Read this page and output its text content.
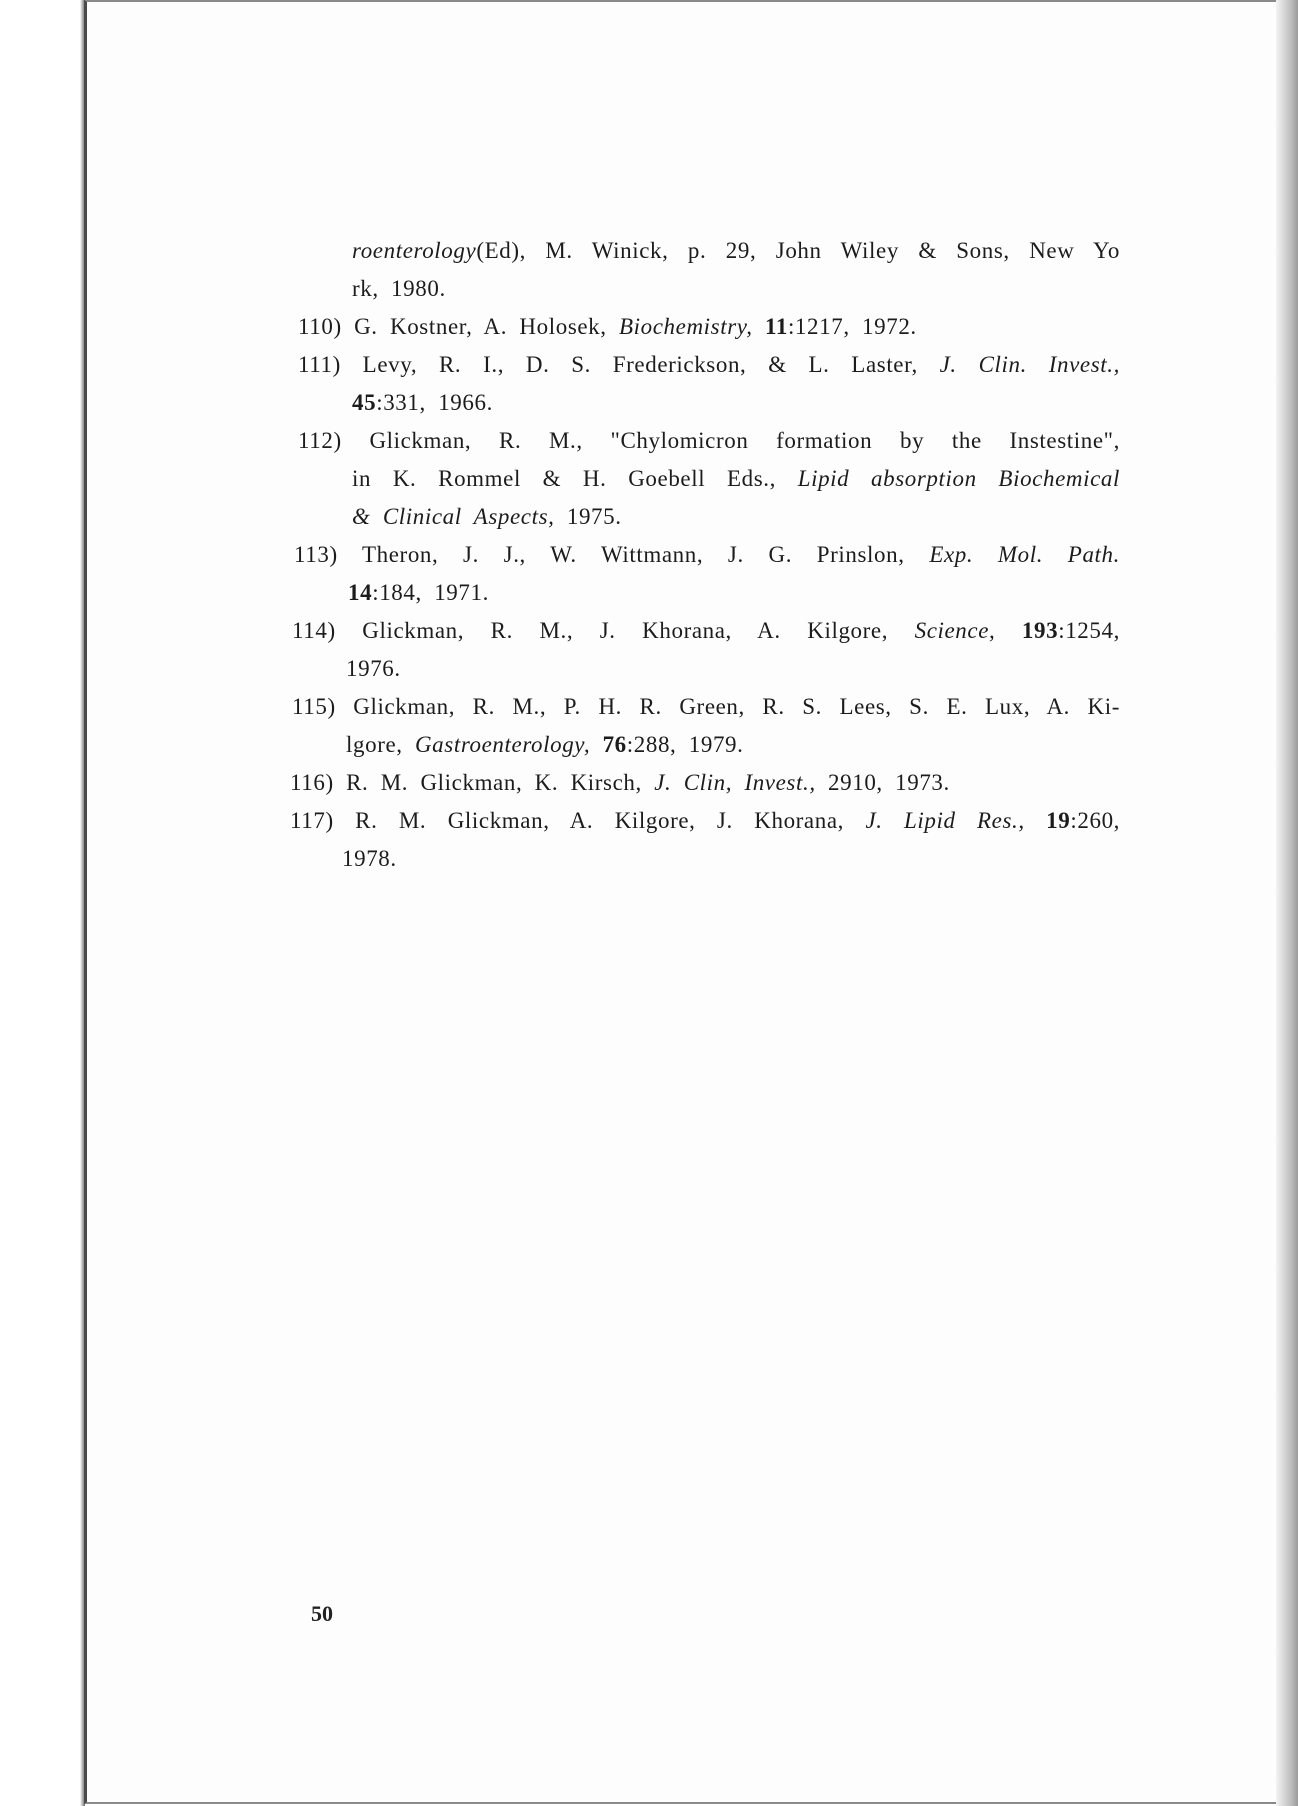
roenterology(Ed), M. Winick, p. 29, John Wiley & Sons, New Yo
rk, 1980.
110) G. Kostner, A. Holosek, Biochemistry, 11:1217, 1972.
111) Levy, R. I., D. S. Frederickson, & L. Laster, J. Clin. Invest.,
45:331, 1966.
112) Glickman, R. M., "Chylomicron formation by the Instestine",
in K. Rommel & H. Goebell Eds., Lipid absorption Biochemical
& Clinical Aspects, 1975.
113) Theron, J. J., W. Wittmann, J. G. Prinslon, Exp. Mol. Path.
14:184, 1971.
114) Glickman, R. M., J. Khorana, A. Kilgore, Science, 193:1254,
1976.
115) Glickman, R. M., P. H. R. Green, R. S. Lees, S. E. Lux, A. Ki-
lgore, Gastroenterology, 76:288, 1979.
116) R. M. Glickman, K. Kirsch, J. Clin, Invest., 2910, 1973.
117) R. M. Glickman, A. Kilgore, J. Khorana, J. Lipid Res., 19:260,
1978.
50
